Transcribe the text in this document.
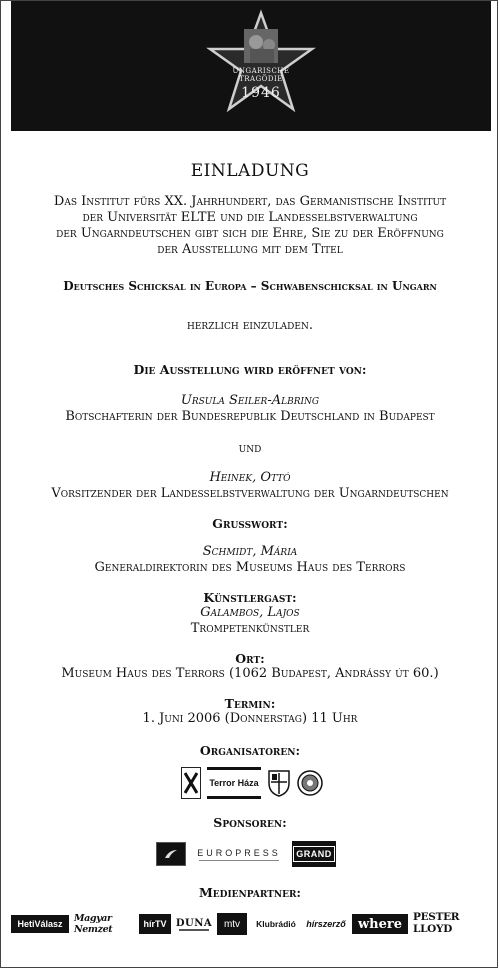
UNGARISCHE
TRAGÖDIE
1946
EINLADUNG
Das Institut fürs XX. Jahrhundert, das Germanistische Institut
der Universität ELTE und die Landesselbstverwaltung
der Ungarndeutschen gibt sich die Ehre, Sie zu der Eröffnung
der Ausstellung mit dem Titel
Deutsches Schicksal in Europa – Schwabenschicksal in Ungarn
herzlich einzuladen.
Die Ausstellung wird eröffnet von:
Ursula Seiler-Albring
Botschafterin der Bundesrepublik Deutschland in Budapest
und
Heinek, Ottó
Vorsitzender der Landesselbstverwaltung der Ungarndeutschen
Grusswort:
Schmidt, Mária
Generaldirektorin des Museums Haus des Terrors
Künstlergast:
Galambos, Lajos
Trompetenkünstler
Ort:
Museum Haus des Terrors (1062 Budapest, Andrássy út 60.)
Termin:
1. Juni 2006 (Donnerstag) 11 Uhr
Organisatoren:
Sponsoren:
Medienpartner:
Terror Háza
EUROPRESS	GRAND
HetiVálasz Magyar Nemzet	hírTV DUNA mtv Klubrádió hírszerző where PESTER LLOYD
